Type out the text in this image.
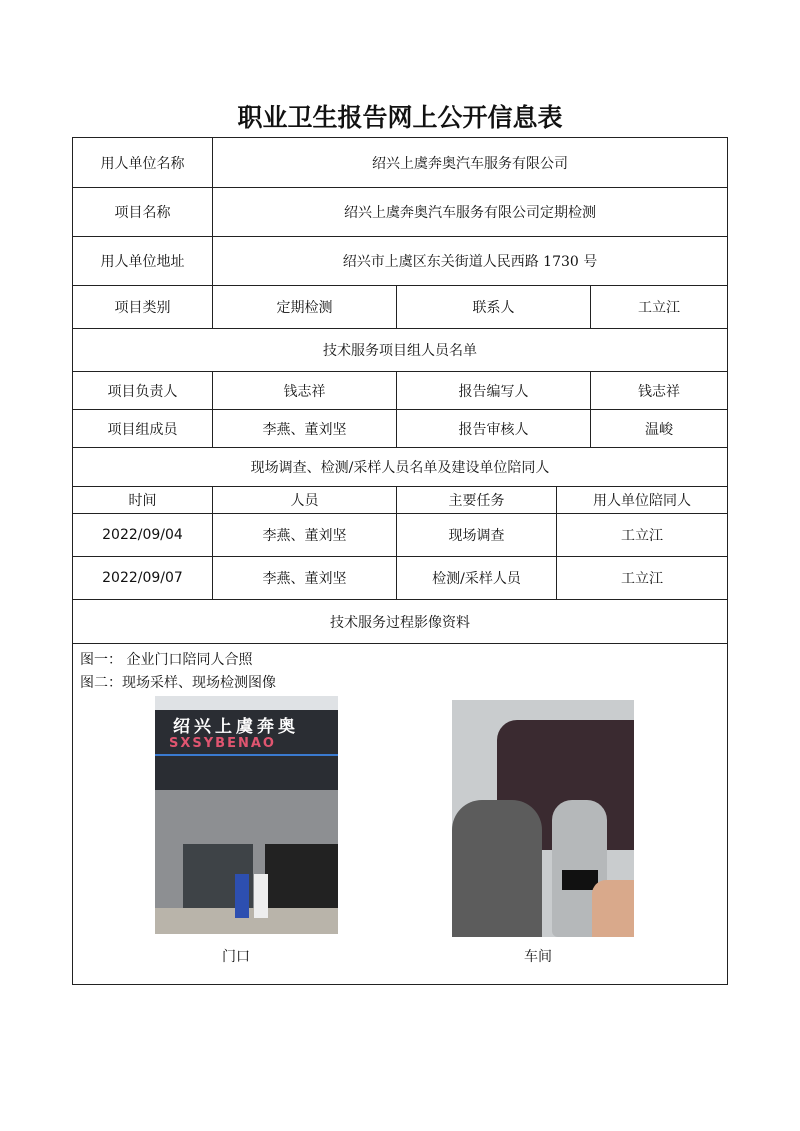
职业卫生报告网上公开信息表
用人单位名称	绍兴上虞奔奥汽车服务有限公司
项目名称	绍兴上虞奔奥汽车服务有限公司定期检测
用人单位地址	绍兴市上虞区东关街道人民西路 1730 号
项目类别	定期检测	联系人	工立江
技术服务项目组人员名单
项目负责人	钱志祥	报告编写人	钱志祥
项目组成员	李燕、董刘坚	报告审核人	温峻
现场调查、检测/采样人员名单及建设单位陪同人
时间	人员	主要任务	用人单位陪同人
2022/09/04	李燕、董刘坚	现场调查	工立江
2022/09/07	李燕、董刘坚	检测/采样人员	工立江
技术服务过程影像资料
图一： 企业门口陪同人合照
图二：现场采样、现场检测图像
绍兴上虞奔奥
SXSYBENAO
门口	车间
